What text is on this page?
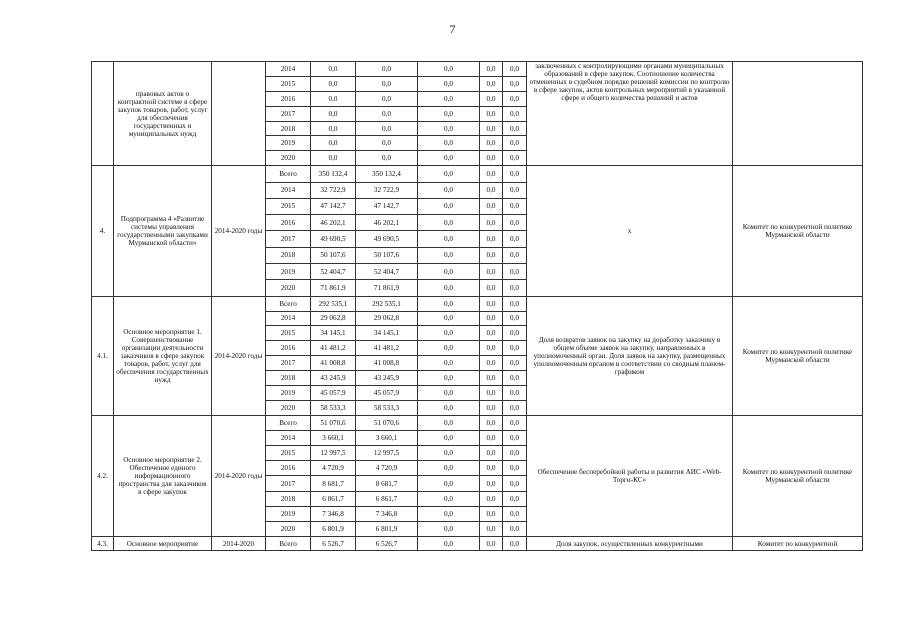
7
	правовых актов о контрактной системе в сфере закупок товаров, работ, услуг для обеспечения государственных и муниципальных нужд		2014	0,0	0,0	0,0	0,0	0,0	заключенных с контролирующими органами муниципальных образований в сфере закупок. Соотношение количества отмененных в судебном порядке решений комиссии по контролю в сфере закупок, актов контрольных мероприятий в указанной сфере и общего количества решений и актов	
			2015	0,0	0,0	0,0	0,0	0,0		
			2016	0,0	0,0	0,0	0,0	0,0		
			2017	0,0	0,0	0,0	0,0	0,0		
			2018	0,0	0,0	0,0	0,0	0,0		
			2019	0,0	0,0	0,0	0,0	0,0		
			2020	0,0	0,0	0,0	0,0	0,0		
4.	Подпрограмма 4 «Развитие системы управления государственными закупками Мурманской области»	2014-2020 годы	Всего	350 132,4	350 132,4	0,0	0,0	0,0	х	Комитет по конкурентной политике Мурманской области
			2014	32 722,9	32 722,9	0,0	0,0	0,0		
			2015	47 142,7	47 142,7	0,0	0,0	0,0		
			2016	46 202,1	46 202,1	0,0	0,0	0,0		
			2017	49 690,5	49 690,5	0,0	0,0	0,0		
			2018	50 107,6	50 107,6	0,0	0,0	0,0		
			2019	52 404,7	52 404,7	0,0	0,0	0,0		
			2020	71 861,9	71 861,9	0,0	0,0	0,0		
4.1.	Основное мероприятие 1. Совершенствование организации деятельности заказчиков в сфере закупок товаров, работ, услуг для обеспечения государственных нужд	2014-2020 годы	Всего	292 535,1	292 535,1	0,0	0,0	0,0	Доля возвратов заявок на закупку на доработку заказчику в общем объеме заявок на закупку, направленных в уполномоченный орган. Доля заявок на закупку, размещенных уполномоченным органом в соответствии со сводным планом-графиком	Комитет по конкурентной политике Мурманской области
			2014	29 062,8	29 062,8	0,0	0,0	0,0		
			2015	34 145,1	34 145,1	0,0	0,0	0,0		
			2016	41 481,2	41 481,2	0,0	0,0	0,0		
			2017	41 008,8	41 008,8	0,0	0,0	0,0		
			2018	43 245,9	43 245,9	0,0	0,0	0,0		
			2019	45 057,9	45 057,9	0,0	0,0	0,0		
			2020	58 533,3	58 533,3	0,0	0,0	0,0		
4.2.	Основное мероприятие 2. Обеспечение единого информационного пространства для заказчиков в сфере закупок	2014-2020 годы	Всего	51 070,6	51 070,6	0,0	0,0	0,0	Обеспечение бесперебойной работы и развития АИС «Web-Торги-КС»	Комитет по конкурентной политике Мурманской области
			2014	3 660,1	3 660,1	0,0	0,0	0,0		
			2015	12 997,5	12 997,5	0,0	0,0	0,0		
			2016	4 720,9	4 720,9	0,0	0,0	0,0		
			2017	8 681,7	8 681,7	0,0	0,0	0,0		
			2018	6 861,7	6 861,7	0,0	0,0	0,0		
			2019	7 346,8	7 346,8	0,0	0,0	0,0		
			2020	6 801,9	6 801,9	0,0	0,0	0,0		
4.3.	Основное мероприятие	2014-2020	Всего	6 526,7	6 526,7	0,0	0,0	0,0	Доля закупок, осуществленных конкурентными	Комитет по конкурентной
